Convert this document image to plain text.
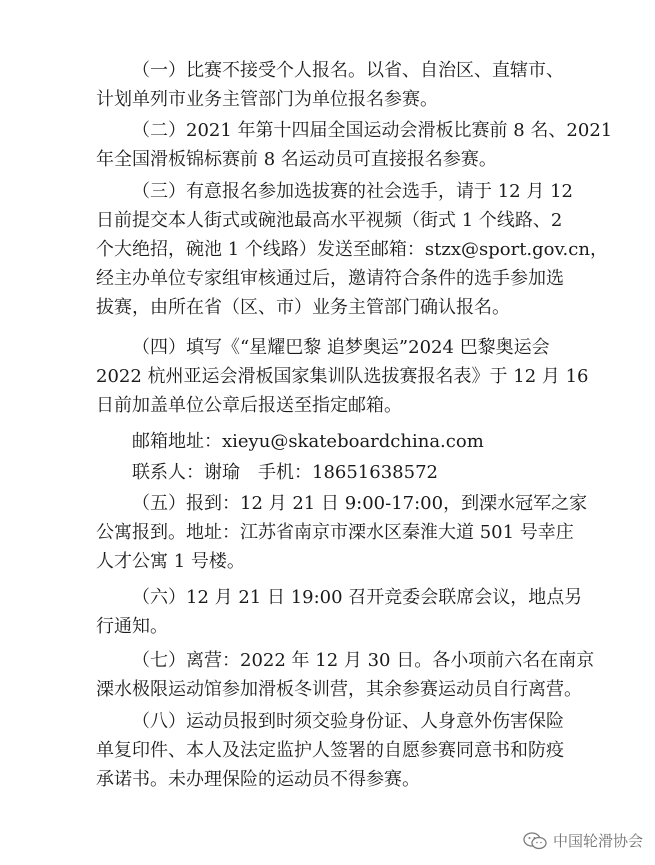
（一）比赛不接受个人报名。以省、自治区、直辖市、
计划单列市业务主管部门为单位报名参赛。
（二）2021 年第十四届全国运动会滑板比赛前 8 名、2021
年全国滑板锦标赛前 8 名运动员可直接报名参赛。
（三）有意报名参加选拔赛的社会选手，请于 12 月 12
日前提交本人街式或碗池最高水平视频（街式 1 个线路、2
个大绝招，碗池 1 个线路）发送至邮箱：stzx@sport.gov.cn，
经主办单位专家组审核通过后，邀请符合条件的选手参加选
拔赛，由所在省（区、市）业务主管部门确认报名。
（四）填写《“星耀巴黎 追梦奥运”2024 巴黎奥运会
2022 杭州亚运会滑板国家集训队选拔赛报名表》于 12 月 16
日前加盖单位公章后报送至指定邮箱。
邮箱地址：xieyu@skateboardchina.com
联系人：谢瑜　手机：18651638572
（五）报到：12 月 21 日 9:00-17:00，到溧水冠军之家
公寓报到。地址：江苏省南京市溧水区秦淮大道 501 号幸庄
人才公寓 1 号楼。
（六）12 月 21 日 19:00 召开竞委会联席会议，地点另
行通知。
（七）离营：2022 年 12 月 30 日。各小项前六名在南京
溧水极限运动馆参加滑板冬训营，其余参赛运动员自行离营。
（八）运动员报到时须交验身份证、人身意外伤害保险
单复印件、本人及法定监护人签署的自愿参赛同意书和防疫
承诺书。未办理保险的运动员不得参赛。
中国轮滑协会
